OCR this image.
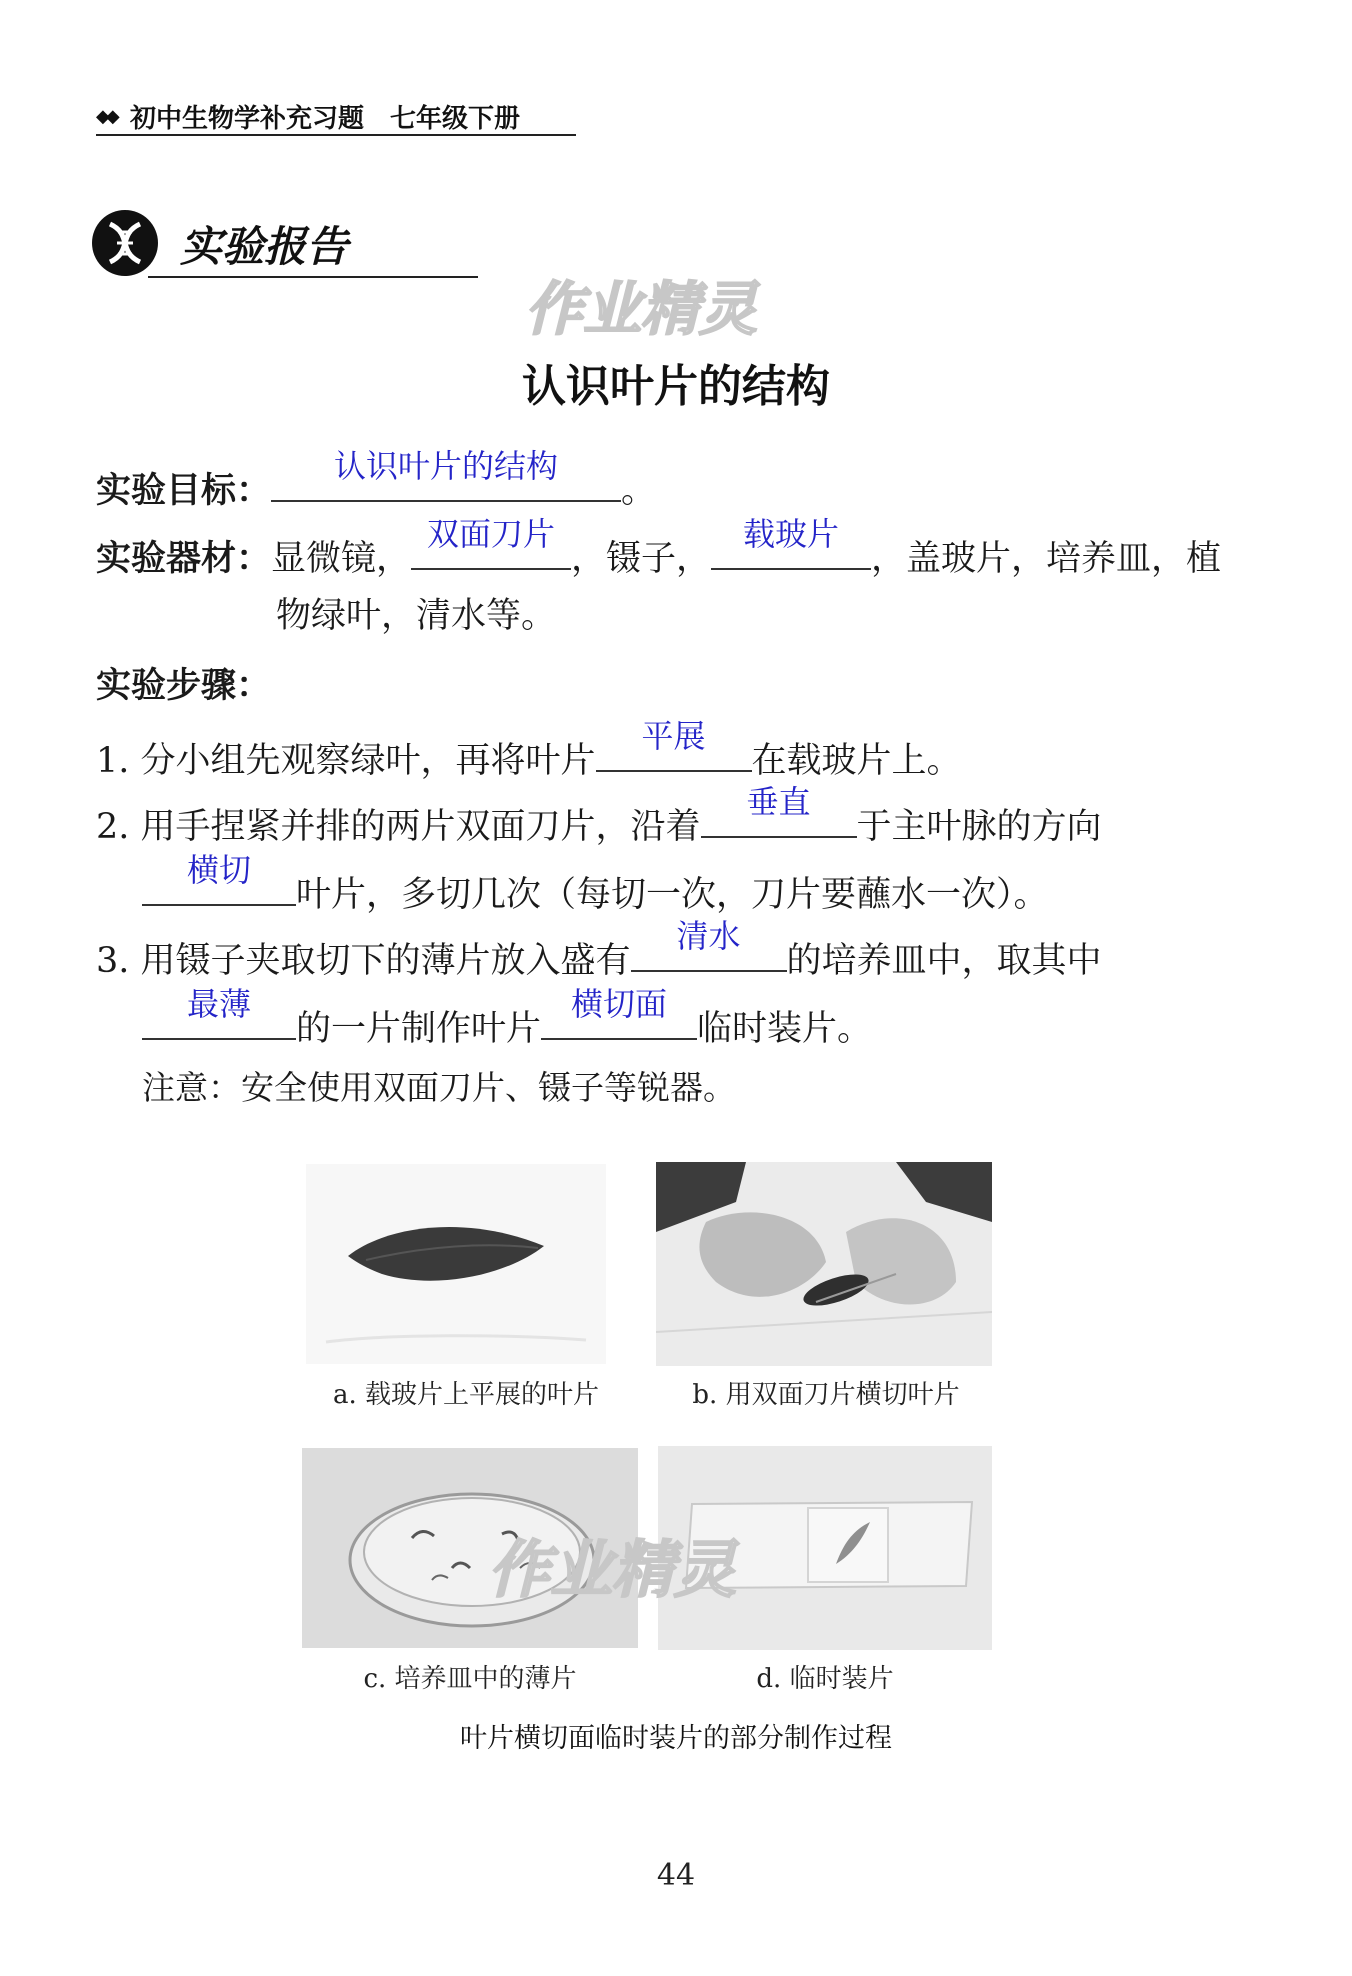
◆◆ 初中生物学补充习题　七年级下册
实验报告
作业精灵
认识叶片的结构
实验目标：
认识叶片的结构
。
实验器材：显微镜，
双面刀片
，镊子，
载玻片
，盖玻片，培养皿，植
物绿叶，清水等。
实验步骤：
1. 分小组先观察绿叶，再将叶片
平展
在载玻片上。
2. 用手捏紧并排的两片双面刀片，沿着
垂直
于主叶脉的方向
横切
叶片，多切几次（每切一次，刀片要蘸水一次）。
3. 用镊子夹取切下的薄片放入盛有
清水
的培养皿中，取其中
最薄
的一片制作叶片
横切面
临时装片。
注意：安全使用双面刀片、镊子等锐器。
a. 载玻片上平展的叶片	b. 用双面刀片横切叶片
c. 培养皿中的薄片	d. 临时装片
作业精灵
叶片横切面临时装片的部分制作过程
44
